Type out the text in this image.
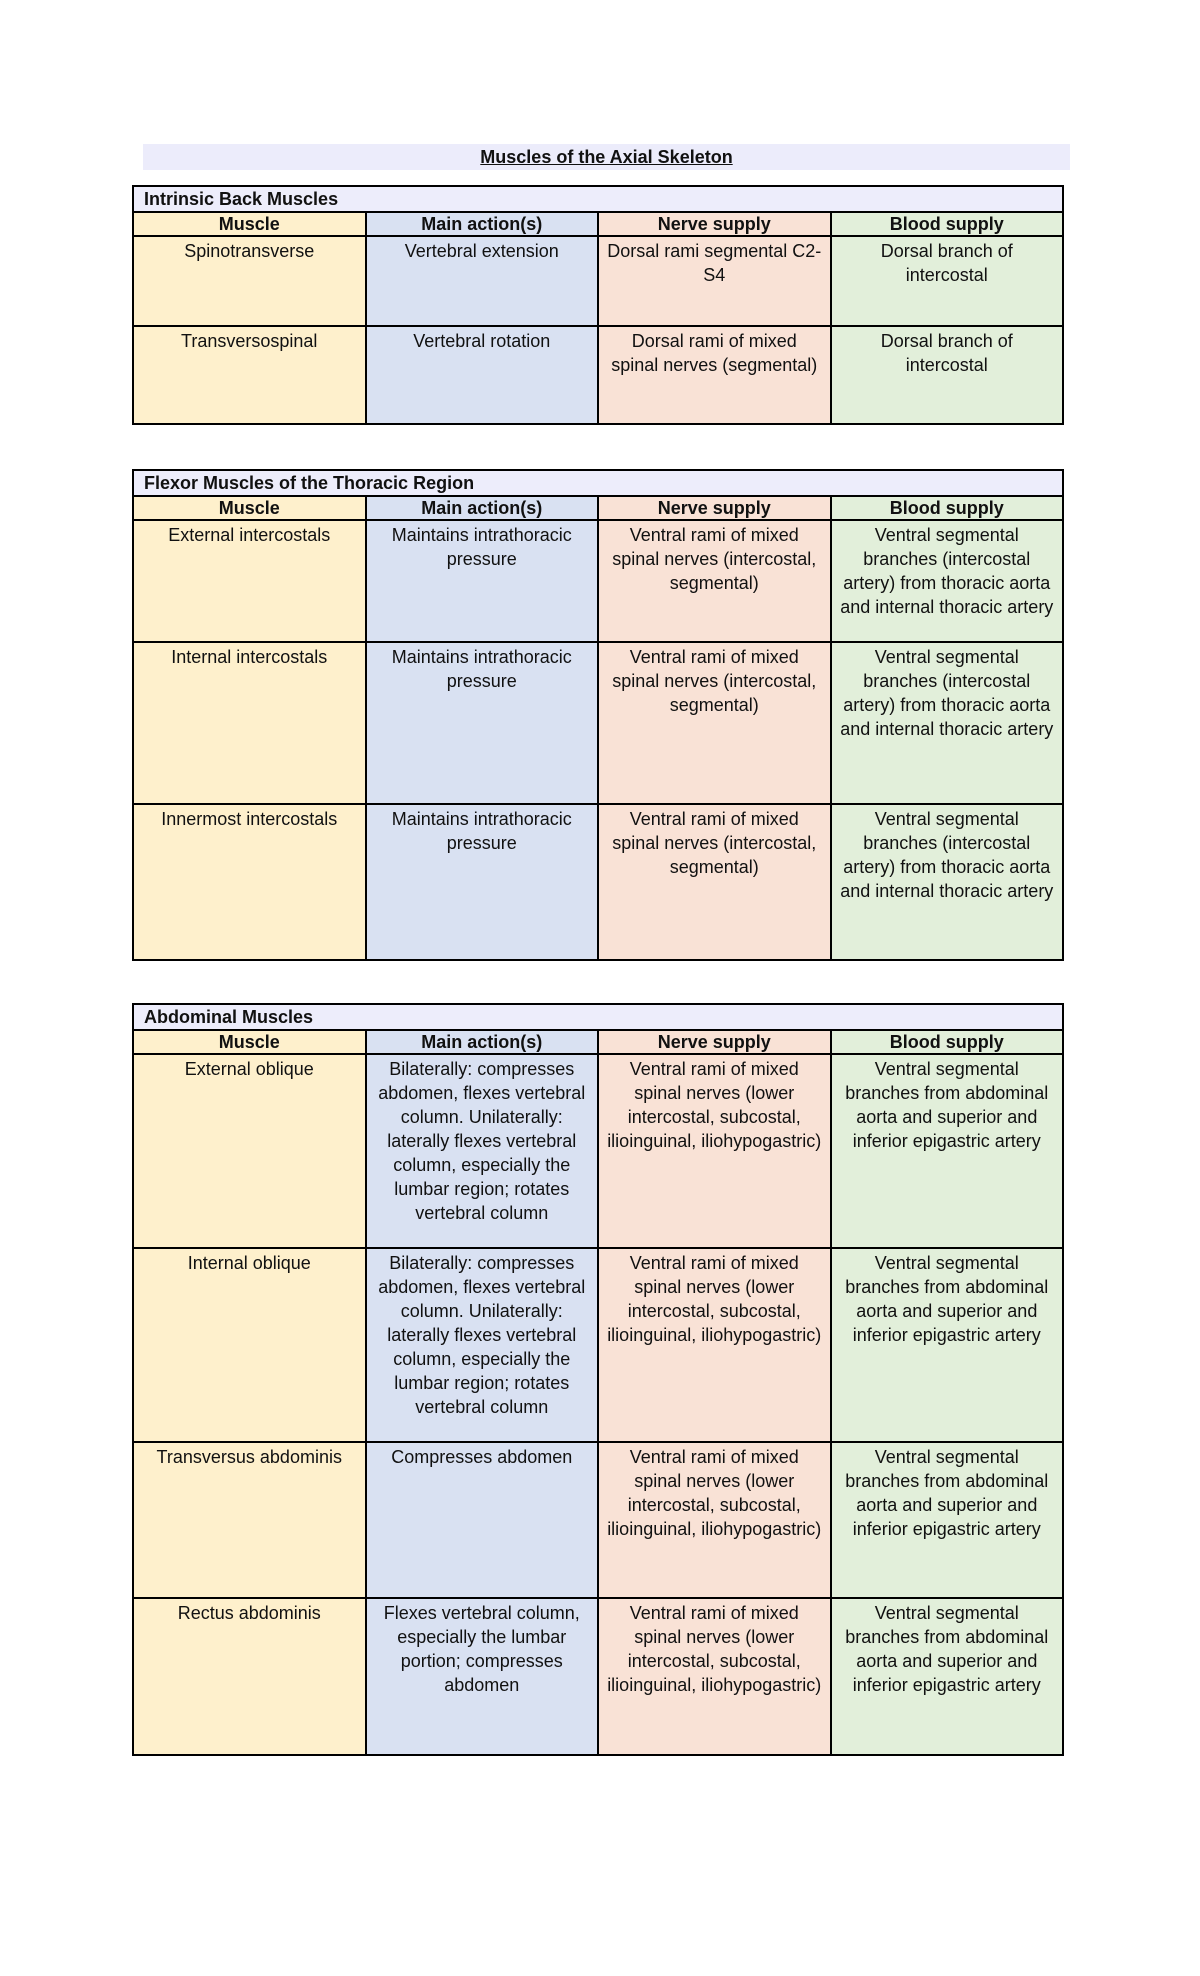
Muscles of the Axial Skeleton
Intrinsic Back Muscles			
Muscle	Main action(s)	Nerve supply	Blood supply
Spinotransverse	Vertebral extension	Dorsal rami segmental C2-S4	Dorsal branch of intercostal
Transversospinal	Vertebral rotation	Dorsal rami of mixed spinal nerves (segmental)	Dorsal branch of intercostal
Flexor Muscles of the Thoracic Region			
Muscle	Main action(s)	Nerve supply	Blood supply
External intercostals	Maintains intrathoracic pressure	Ventral rami of mixed spinal nerves (intercostal, segmental)	Ventral segmental branches (intercostal artery) from thoracic aorta and internal thoracic artery
Internal intercostals	Maintains intrathoracic pressure	Ventral rami of mixed spinal nerves (intercostal, segmental)	Ventral segmental branches (intercostal artery) from thoracic aorta and internal thoracic artery
Innermost intercostals	Maintains intrathoracic pressure	Ventral rami of mixed spinal nerves (intercostal, segmental)	Ventral segmental branches (intercostal artery) from thoracic aorta and internal thoracic artery
Abdominal Muscles			
Muscle	Main action(s)	Nerve supply	Blood supply
External oblique	Bilaterally: compresses abdomen, flexes vertebral column. Unilaterally: laterally flexes vertebral column, especially the lumbar region; rotates vertebral column	Ventral rami of mixed spinal nerves (lower intercostal, subcostal, ilioinguinal, iliohypogastric)	Ventral segmental branches from abdominal aorta and superior and inferior epigastric artery
Internal oblique	Bilaterally: compresses abdomen, flexes vertebral column. Unilaterally: laterally flexes vertebral column, especially the lumbar region; rotates vertebral column	Ventral rami of mixed spinal nerves (lower intercostal, subcostal, ilioinguinal, iliohypogastric)	Ventral segmental branches from abdominal aorta and superior and inferior epigastric artery
Transversus abdominis	Compresses abdomen	Ventral rami of mixed spinal nerves (lower intercostal, subcostal, ilioinguinal, iliohypogastric)	Ventral segmental branches from abdominal aorta and superior and inferior epigastric artery
Rectus abdominis	Flexes vertebral column, especially the lumbar portion; compresses abdomen	Ventral rami of mixed spinal nerves (lower intercostal, subcostal, ilioinguinal, iliohypogastric)	Ventral segmental branches from abdominal aorta and superior and inferior epigastric artery
